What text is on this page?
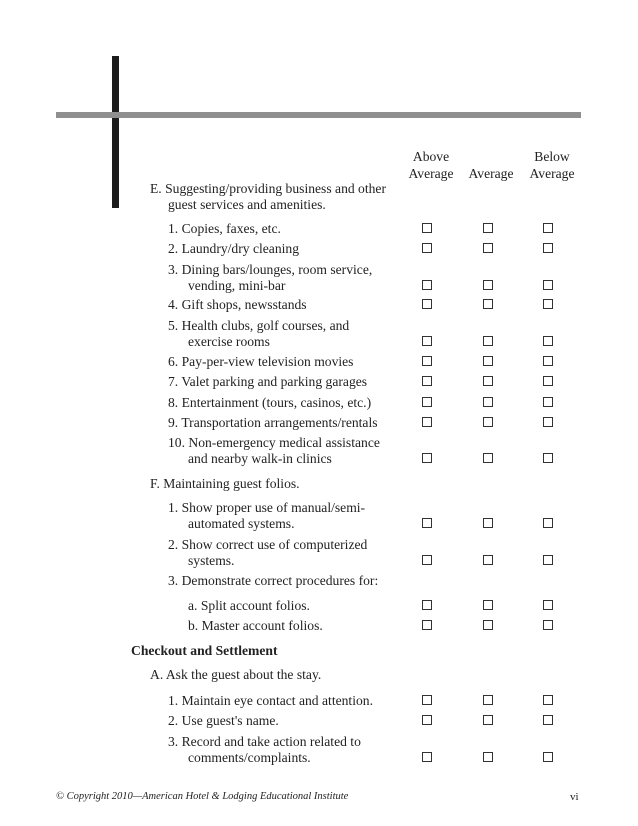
Above
Average	Average
Below
Average
E. Suggesting/providing business and other
guest services and amenities.
1. Copies, faxes, etc.
2. Laundry/dry cleaning
3. Dining bars/lounges, room service,
vending, mini-bar
4. Gift shops, newsstands
5. Health clubs, golf courses, and
exercise rooms
6. Pay-per-view television movies
7. Valet parking and parking garages
8. Entertainment (tours, casinos, etc.)
9. Transportation arrangements/rentals
10. Non-emergency medical assistance
and nearby walk-in clinics
F. Maintaining guest folios.
1. Show proper use of manual/semi-
automated systems.
2. Show correct use of computerized
systems.
3. Demonstrate correct procedures for:
a. Split account folios.
b. Master account folios.
Checkout and Settlement
A. Ask the guest about the stay.
1. Maintain eye contact and attention.
2. Use guest's name.
3. Record and take action related to
comments/complaints.
© Copyright 2010—American Hotel & Lodging Educational Institute	vi
